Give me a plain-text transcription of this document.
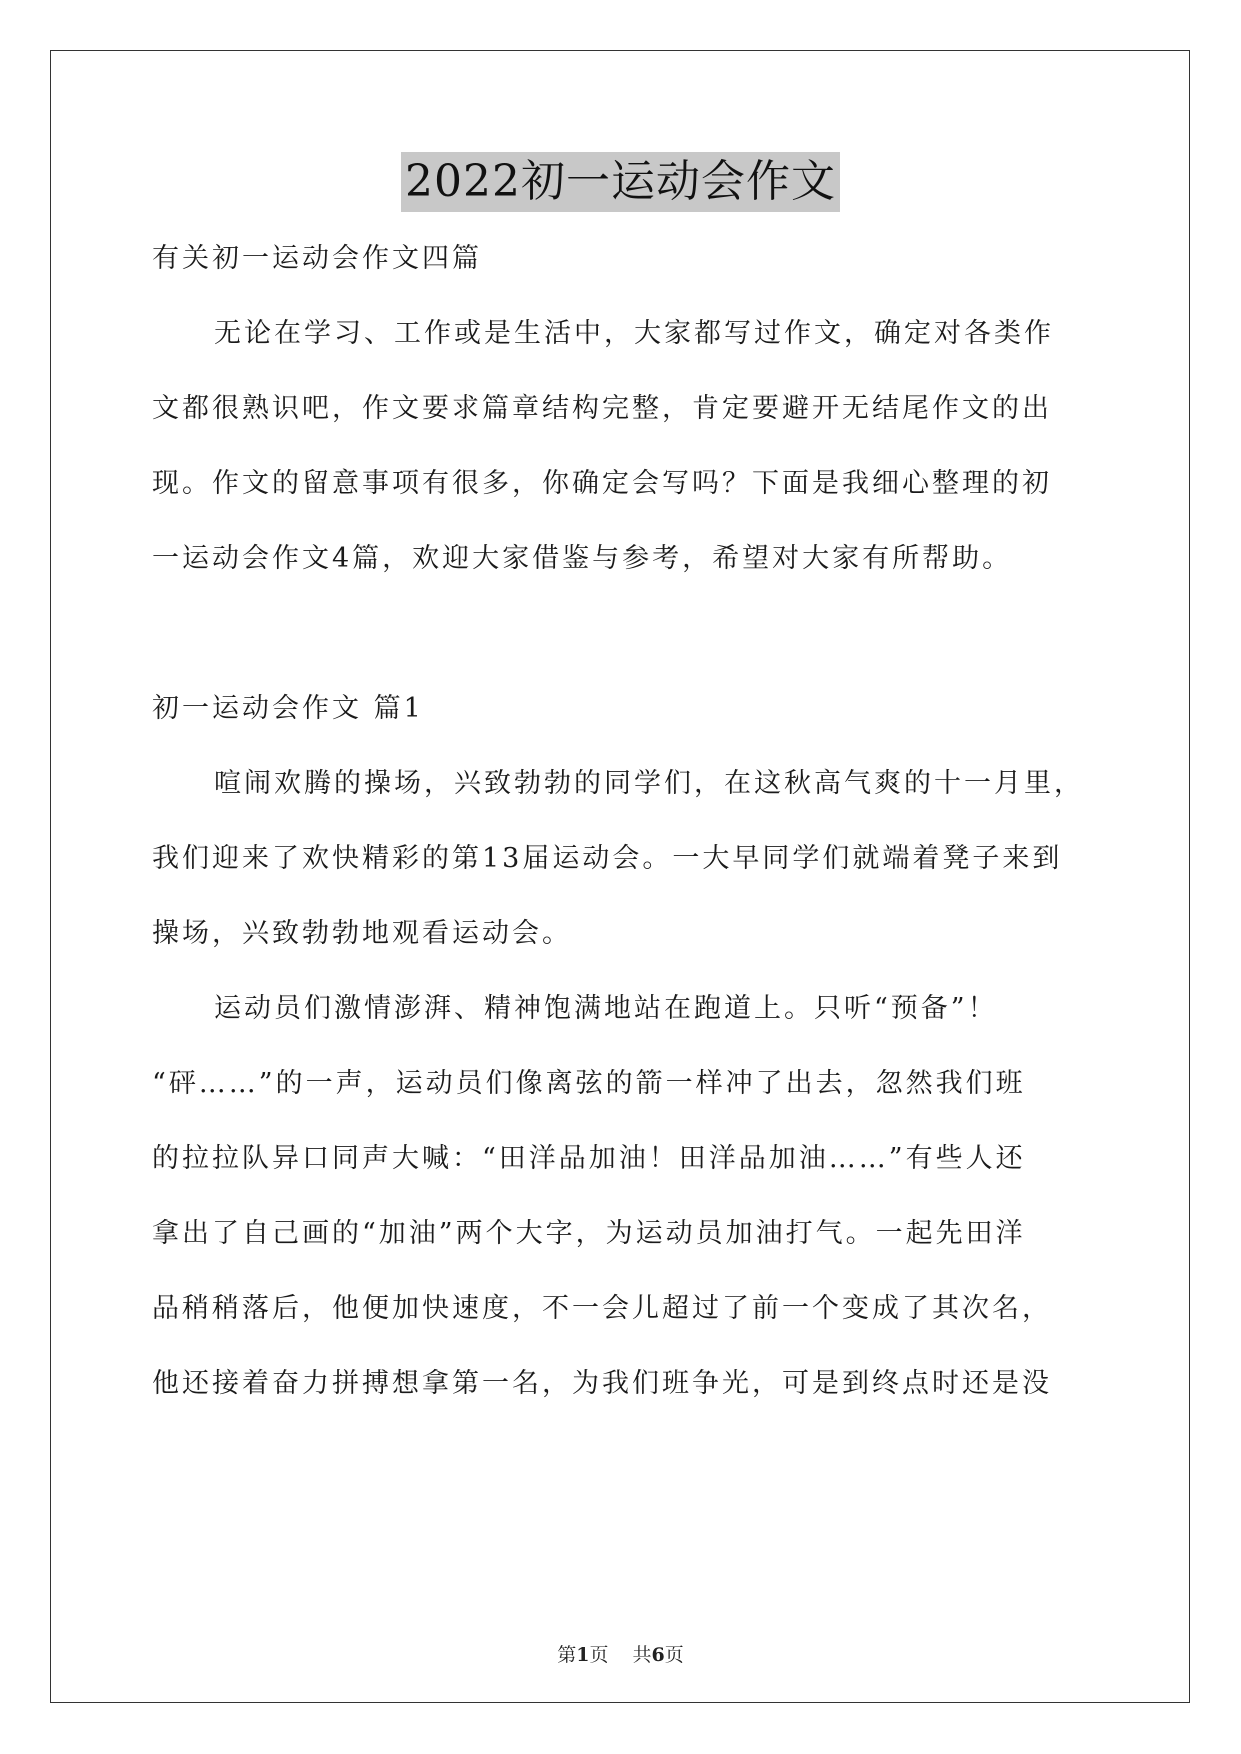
2022初一运动会作文
有关初一运动会作文四篇
无论在学习、工作或是生活中，大家都写过作文，确定对各类作
文都很熟识吧，作文要求篇章结构完整，肯定要避开无结尾作文的出
现。作文的留意事项有很多，你确定会写吗？下面是我细心整理的初
一运动会作文4篇，欢迎大家借鉴与参考，希望对大家有所帮助。
初一运动会作文 篇1
喧闹欢腾的操场，兴致勃勃的同学们，在这秋高气爽的十一月里，
我们迎来了欢快精彩的第13届运动会。一大早同学们就端着凳子来到
操场，兴致勃勃地观看运动会。
运动员们激情澎湃、精神饱满地站在跑道上。只听“预备”！
“砰……”的一声，运动员们像离弦的箭一样冲了出去，忽然我们班
的拉拉队异口同声大喊：“田洋品加油！田洋品加油……”有些人还
拿出了自己画的“加油”两个大字，为运动员加油打气。一起先田洋
品稍稍落后，他便加快速度，不一会儿超过了前一个变成了其次名，
他还接着奋力拼搏想拿第一名，为我们班争光，可是到终点时还是没
第1页 共6页
